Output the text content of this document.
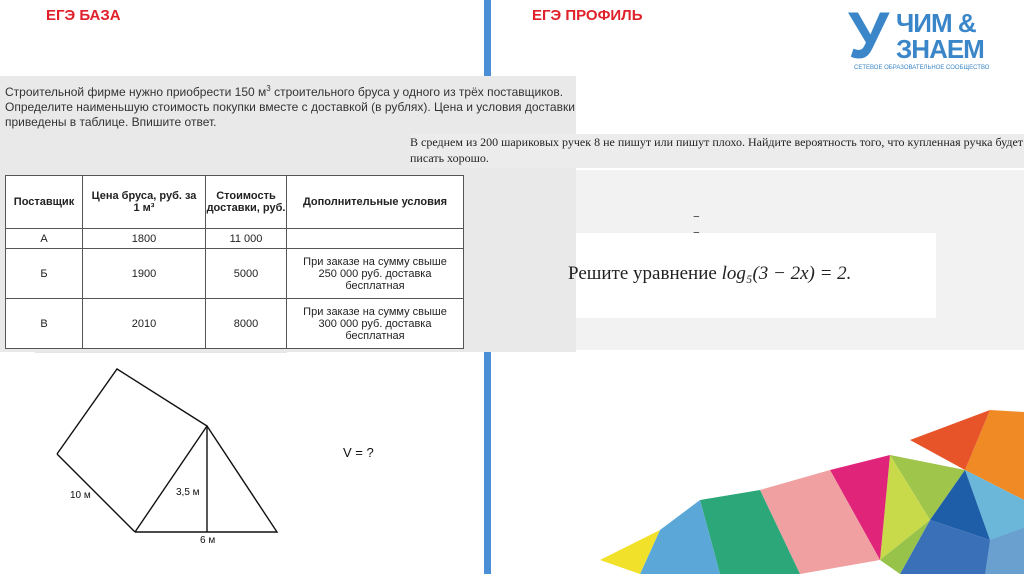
ЕГЭ БАЗА	ЕГЭ ПРОФИЛЬ	У ЧИМ &
ЗНАЕМ
СЕТЕВОЕ ОБРАЗОВАТЕЛЬНОЕ СООБЩЕСТВО
Строительной фирме нужно приобрести 150 $м^3$ строительного бруса у одного из трёх поставщиков.
Определите наименьшую стоимость покупки вместе с доставкой (в рублях). Цена и условия доставки
приведены в таблице. Впишите ответ.
Поставщик	Цена бруса, руб. за 1 м³	Стоимость доставки, руб.	Дополнительные условия
А	1800	11 000	
Б	1900	5000	При заказе на сумму свыше 250 000 руб. доставка бесплатная
В	2010	8000	При заказе на сумму свыше 300 000 руб. доставка бесплатная
В среднем из 200 шариковых ручек 8 не пишут или пишут плохо. Найдите вероятность того, что купленная ручка будет
писать хорошо.
‾
Решите уравнение log₅(3 − 2x) = 2.
10 м	3,5 м
6 м
V = ?
